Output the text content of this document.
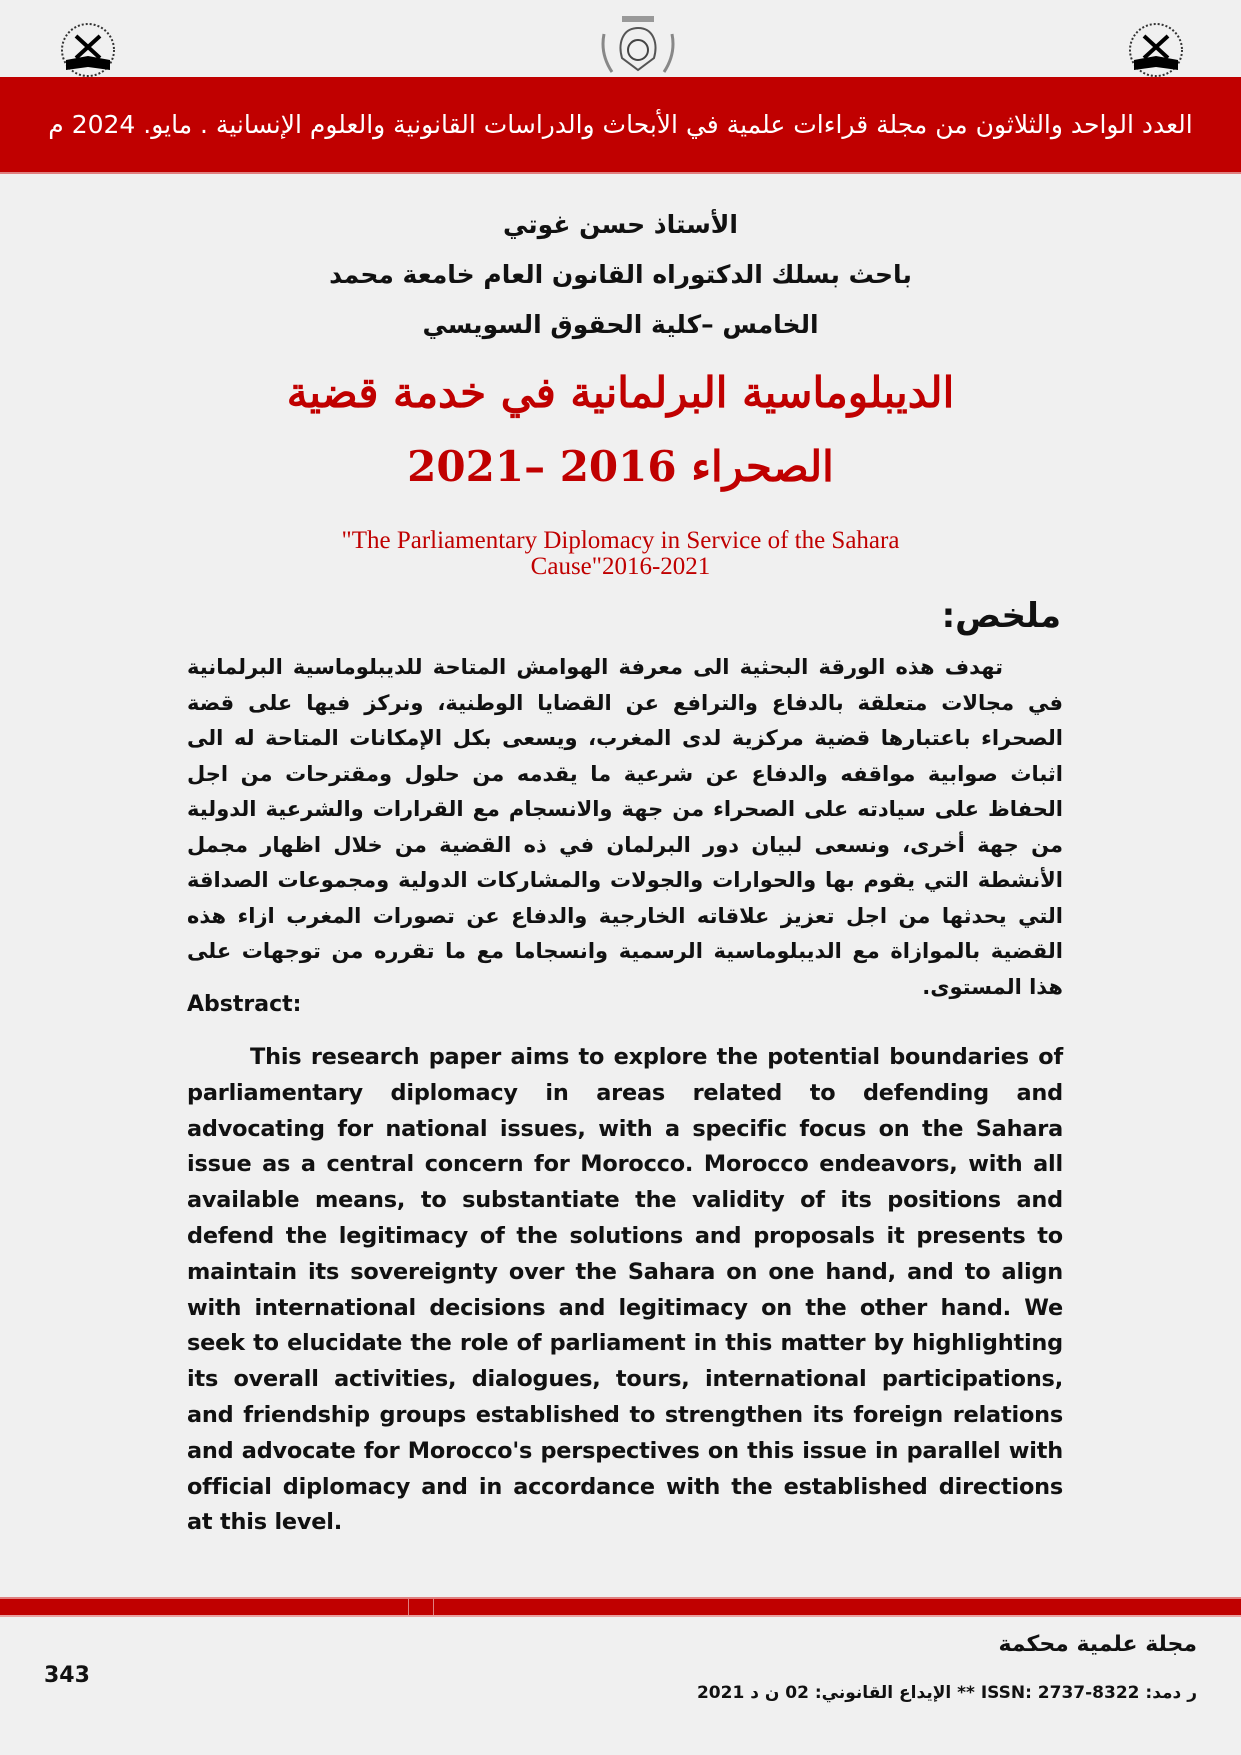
العدد الواحد والثلاثون من مجلة قراءات علمية في الأبحاث والدراسات القانونية والعلوم الإنسانية . مايو. 2024 م
الأستاذ حسن غوتي
باحث بسلك الدكتوراه القانون العام خامعة محمد
الخامس –كلية الحقوق السويسي
الديبلوماسية البرلمانية في خدمة قضية
الصحراء 2016 –2021
"The Parliamentary Diplomacy in Service of the Sahara
Cause"2016-2021
ملخص:
تهدف هذه الورقة البحثية الى معرفة الهوامش المتاحة للديبلوماسية البرلمانية في مجالات متعلقة بالدفاع والترافع عن القضايا الوطنية، ونركز فيها على قضة الصحراء باعتبارها قضية مركزية لدى المغرب، ويسعى بكل الإمكانات المتاحة له الى اثباث صوابية مواقفه والدفاع عن شرعية ما يقدمه من حلول ومقترحات من اجل الحفاظ على سيادته على الصحراء من جهة والانسجام مع القرارات والشرعية الدولية من جهة أخرى، ونسعى لبيان دور البرلمان في ذه القضية من خلال اظهار مجمل الأنشطة التي يقوم بها والحوارات والجولات والمشاركات الدولية ومجموعات الصداقة التي يحدثها من اجل تعزيز علاقاته الخارجية والدفاع عن تصورات المغرب ازاء هذه القضية بالموازاة مع الديبلوماسية الرسمية وانسجاما مع ما تقرره من توجهات على هذا المستوى.
Abstract:
This research paper aims to explore the potential boundaries of parliamentary diplomacy in areas related to defending and advocating for national issues, with a specific focus on the Sahara issue as a central concern for Morocco. Morocco endeavors, with all available means, to substantiate the validity of its positions and defend the legitimacy of the solutions and proposals it presents to maintain its sovereignty over the Sahara on one hand, and to align with international decisions and legitimacy on the other hand. We seek to elucidate the role of parliament in this matter by highlighting its overall activities, dialogues, tours, international participations, and friendship groups established to strengthen its foreign relations and advocate for Morocco's perspectives on this issue in parallel with official diplomacy and in accordance with the established directions at this level.
مجلة علمية محكمة
ر دمد: ISSN: 2737-8322 ** الإيداع القانوني: 02 ن د 2021
343
